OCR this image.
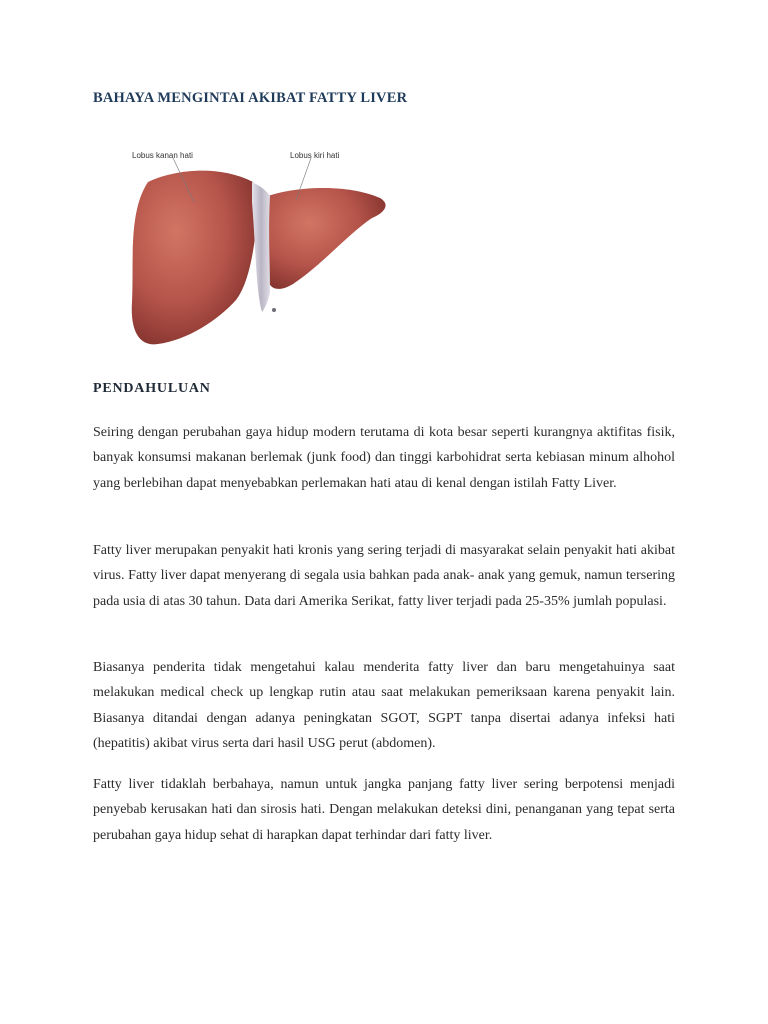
BAHAYA MENGINTAI AKIBAT FATTY LIVER
Lobus kanan hati	Lobus kiri hati
PENDAHULUAN

Seiring dengan perubahan gaya hidup modern terutama di kota besar seperti kurangnya aktifitas fisik, banyak konsumsi makanan berlemak (junk food) dan tinggi karbohidrat serta kebiasan minum alhohol yang berlebihan dapat menyebabkan perlemakan hati atau di kenal dengan istilah Fatty Liver.

Fatty liver merupakan penyakit hati kronis yang sering terjadi di masyarakat selain penyakit hati akibat virus. Fatty liver dapat menyerang di segala usia bahkan pada anak- anak yang gemuk, namun tersering pada usia di atas 30 tahun. Data dari Amerika Serikat, fatty liver terjadi pada 25-35% jumlah populasi.

Biasanya penderita tidak mengetahui kalau menderita fatty liver dan baru mengetahuinya saat melakukan medical check up lengkap rutin atau saat melakukan pemeriksaan karena penyakit lain. Biasanya ditandai dengan adanya peningkatan SGOT, SGPT tanpa disertai adanya infeksi hati (hepatitis) akibat virus serta dari hasil USG perut (abdomen).

Fatty liver tidaklah berbahaya, namun untuk jangka panjang fatty liver sering berpotensi menjadi penyebab kerusakan hati dan sirosis hati. Dengan melakukan deteksi dini, penanganan yang tepat serta perubahan gaya hidup sehat di harapkan dapat terhindar dari fatty liver.
